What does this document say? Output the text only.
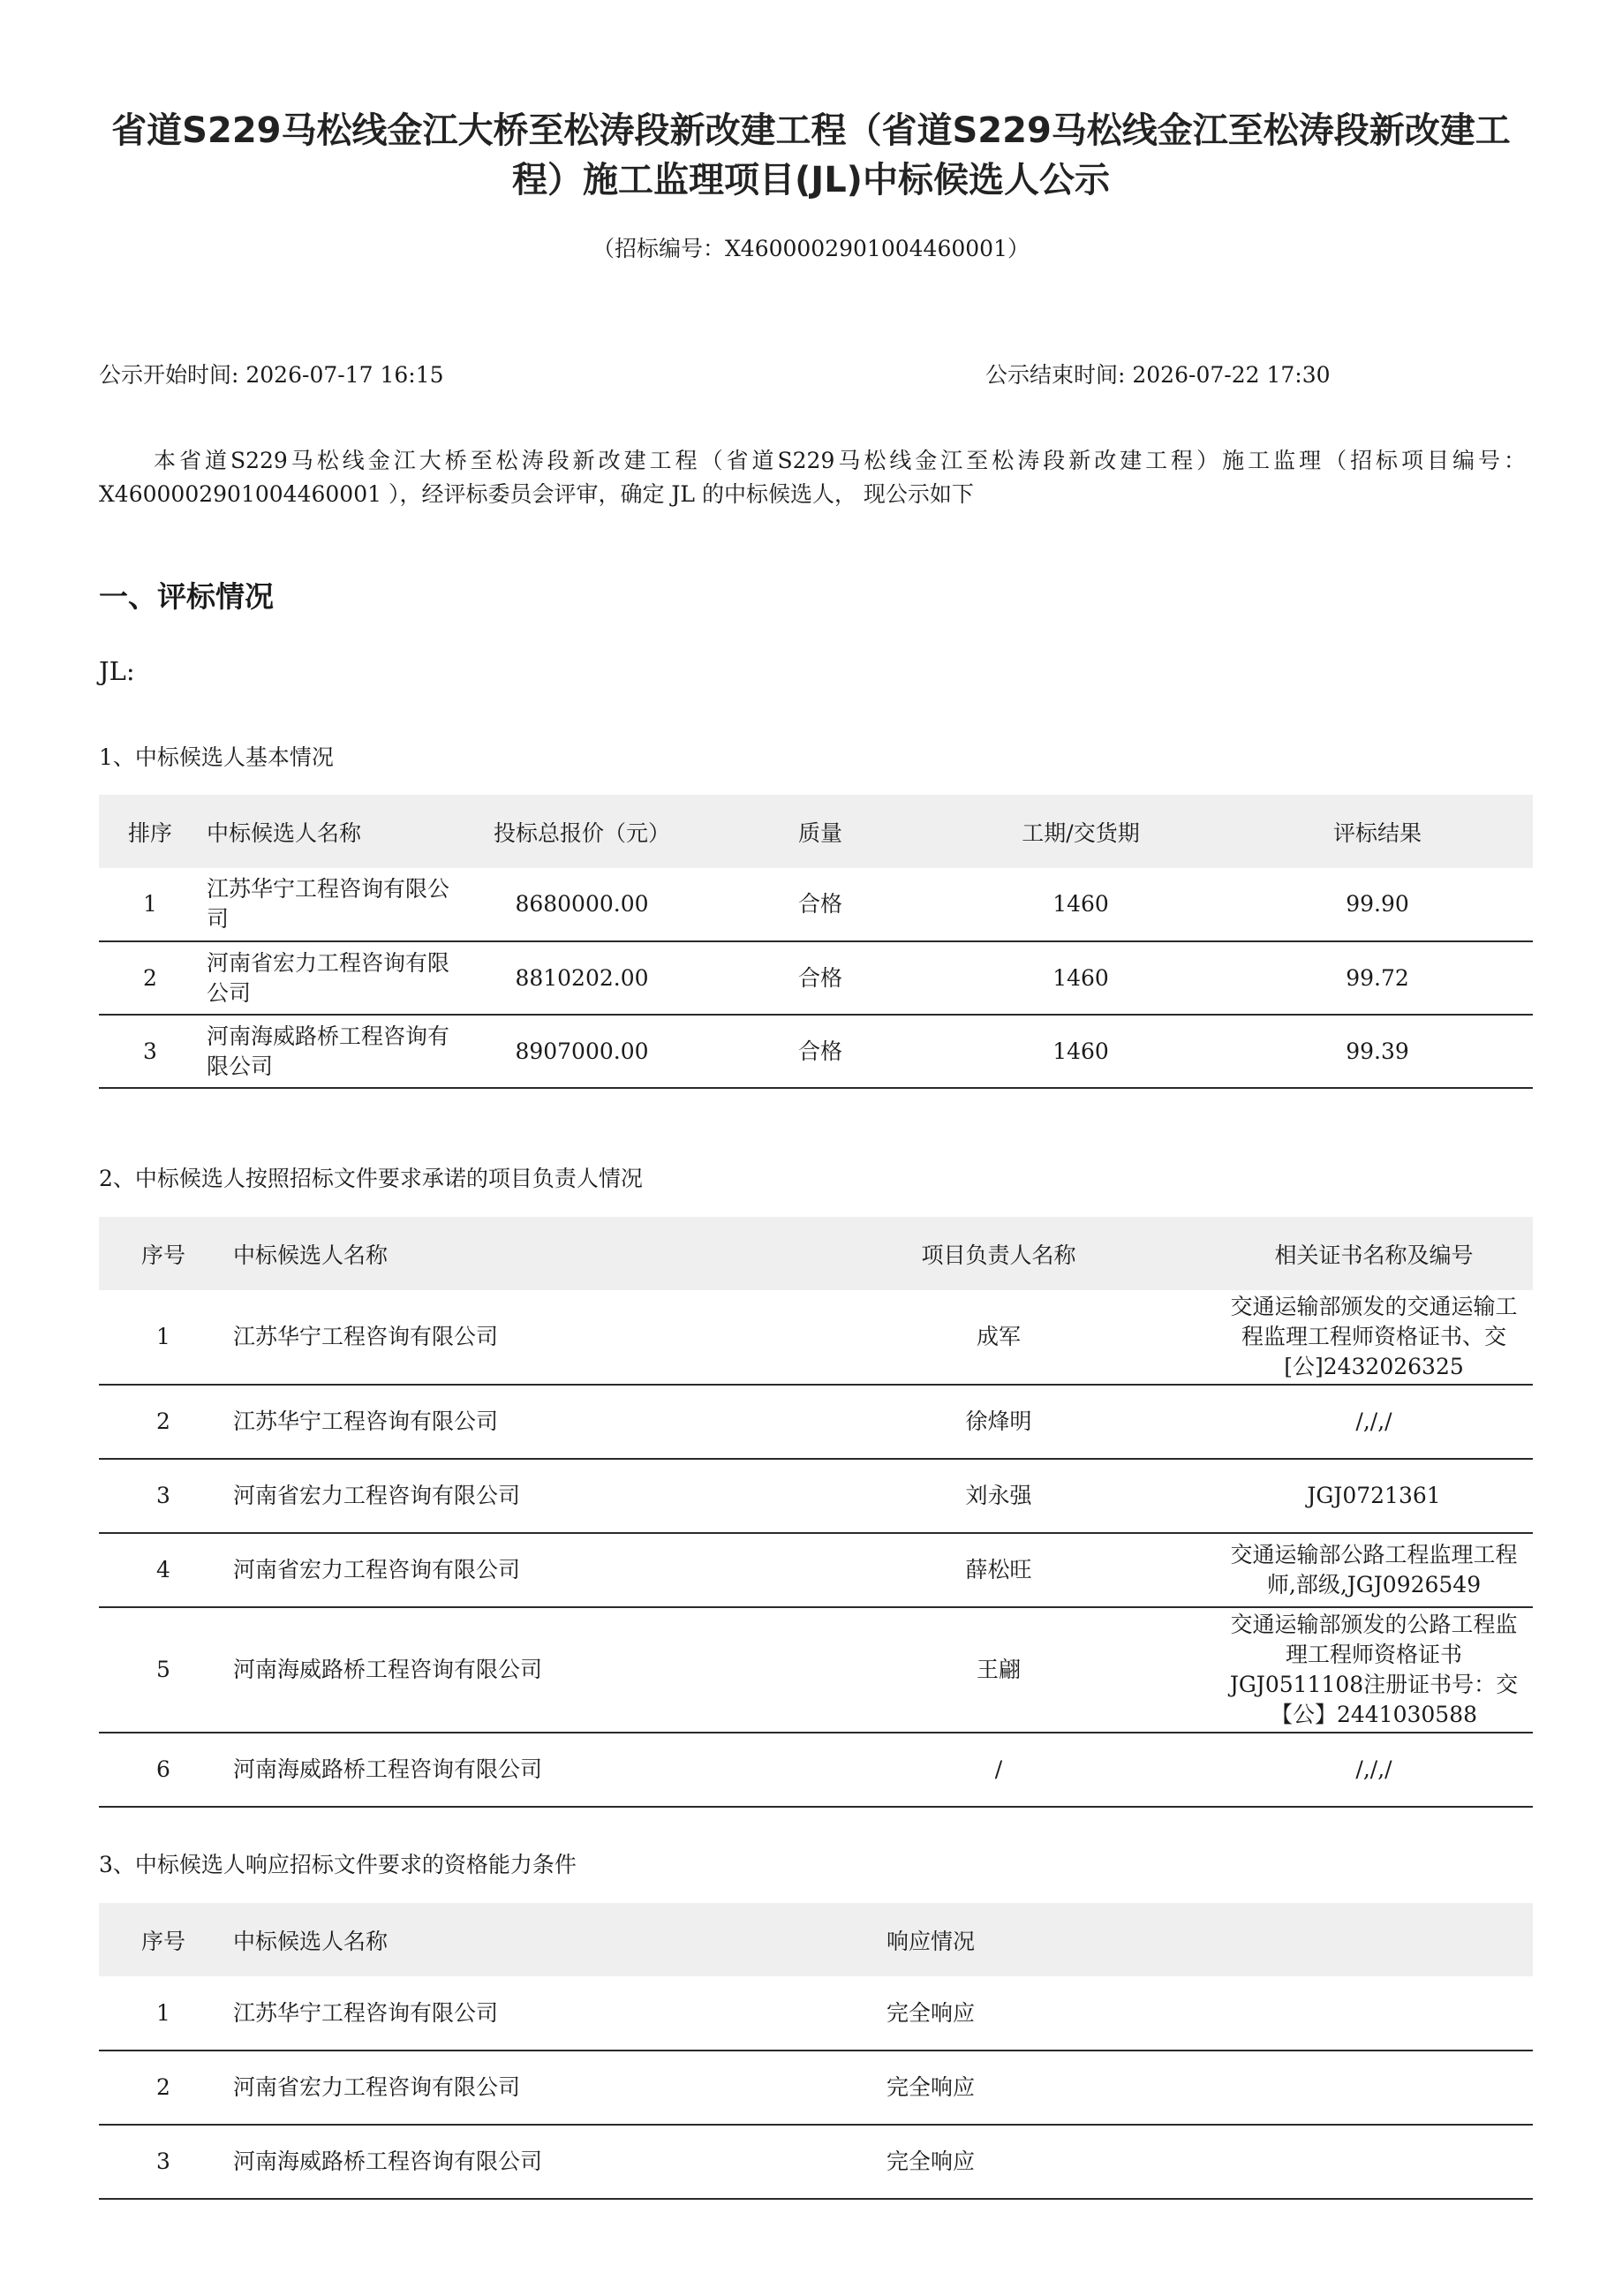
省道S229马松线金江大桥至松涛段新改建工程（省道S229马松线金江至松涛段新改建工程）施工监理项目(JL)中标候选人公示
（招标编号：X4600002901004460001）
公示开始时间: 2026-07-17 16:15	公示结束时间: 2026-07-22 17:30
本省道S229马松线金江大桥至松涛段新改建工程（省道S229马松线金江至松涛段新改建工程）施工监理（招标项目编号： X4600002901004460001 ），经评标委员会评审，确定 JL 的中标候选人， 现公示如下
一、评标情况
JL:
1、中标候选人基本情况
排序	中标候选人名称	投标总报价（元）	质量	工期/交货期	评标结果
1	江苏华宁工程咨询有限公司	8680000.00	合格	1460	99.90
2	河南省宏力工程咨询有限公司	8810202.00	合格	1460	99.72
3	河南海威路桥工程咨询有限公司	8907000.00	合格	1460	99.39
2、中标候选人按照招标文件要求承诺的项目负责人情况
序号	中标候选人名称	项目负责人名称	相关证书名称及编号
1	江苏华宁工程咨询有限公司	成军	交通运输部颁发的交通运输工程监理工程师资格证书、交[公]2432026325
2	江苏华宁工程咨询有限公司	徐烽明	/,/,/
3	河南省宏力工程咨询有限公司	刘永强	JGJ0721361
4	河南省宏力工程咨询有限公司	薛松旺	交通运输部公路工程监理工程师,部级,JGJ0926549
5	河南海威路桥工程咨询有限公司	王翩	交通运输部颁发的公路工程监理工程师资格证书 JGJ0511108注册证书号：交【公】2441030588
6	河南海威路桥工程咨询有限公司	/	/,/,/
3、中标候选人响应招标文件要求的资格能力条件
序号	中标候选人名称	响应情况
1	江苏华宁工程咨询有限公司	完全响应
2	河南省宏力工程咨询有限公司	完全响应
3	河南海威路桥工程咨询有限公司	完全响应
